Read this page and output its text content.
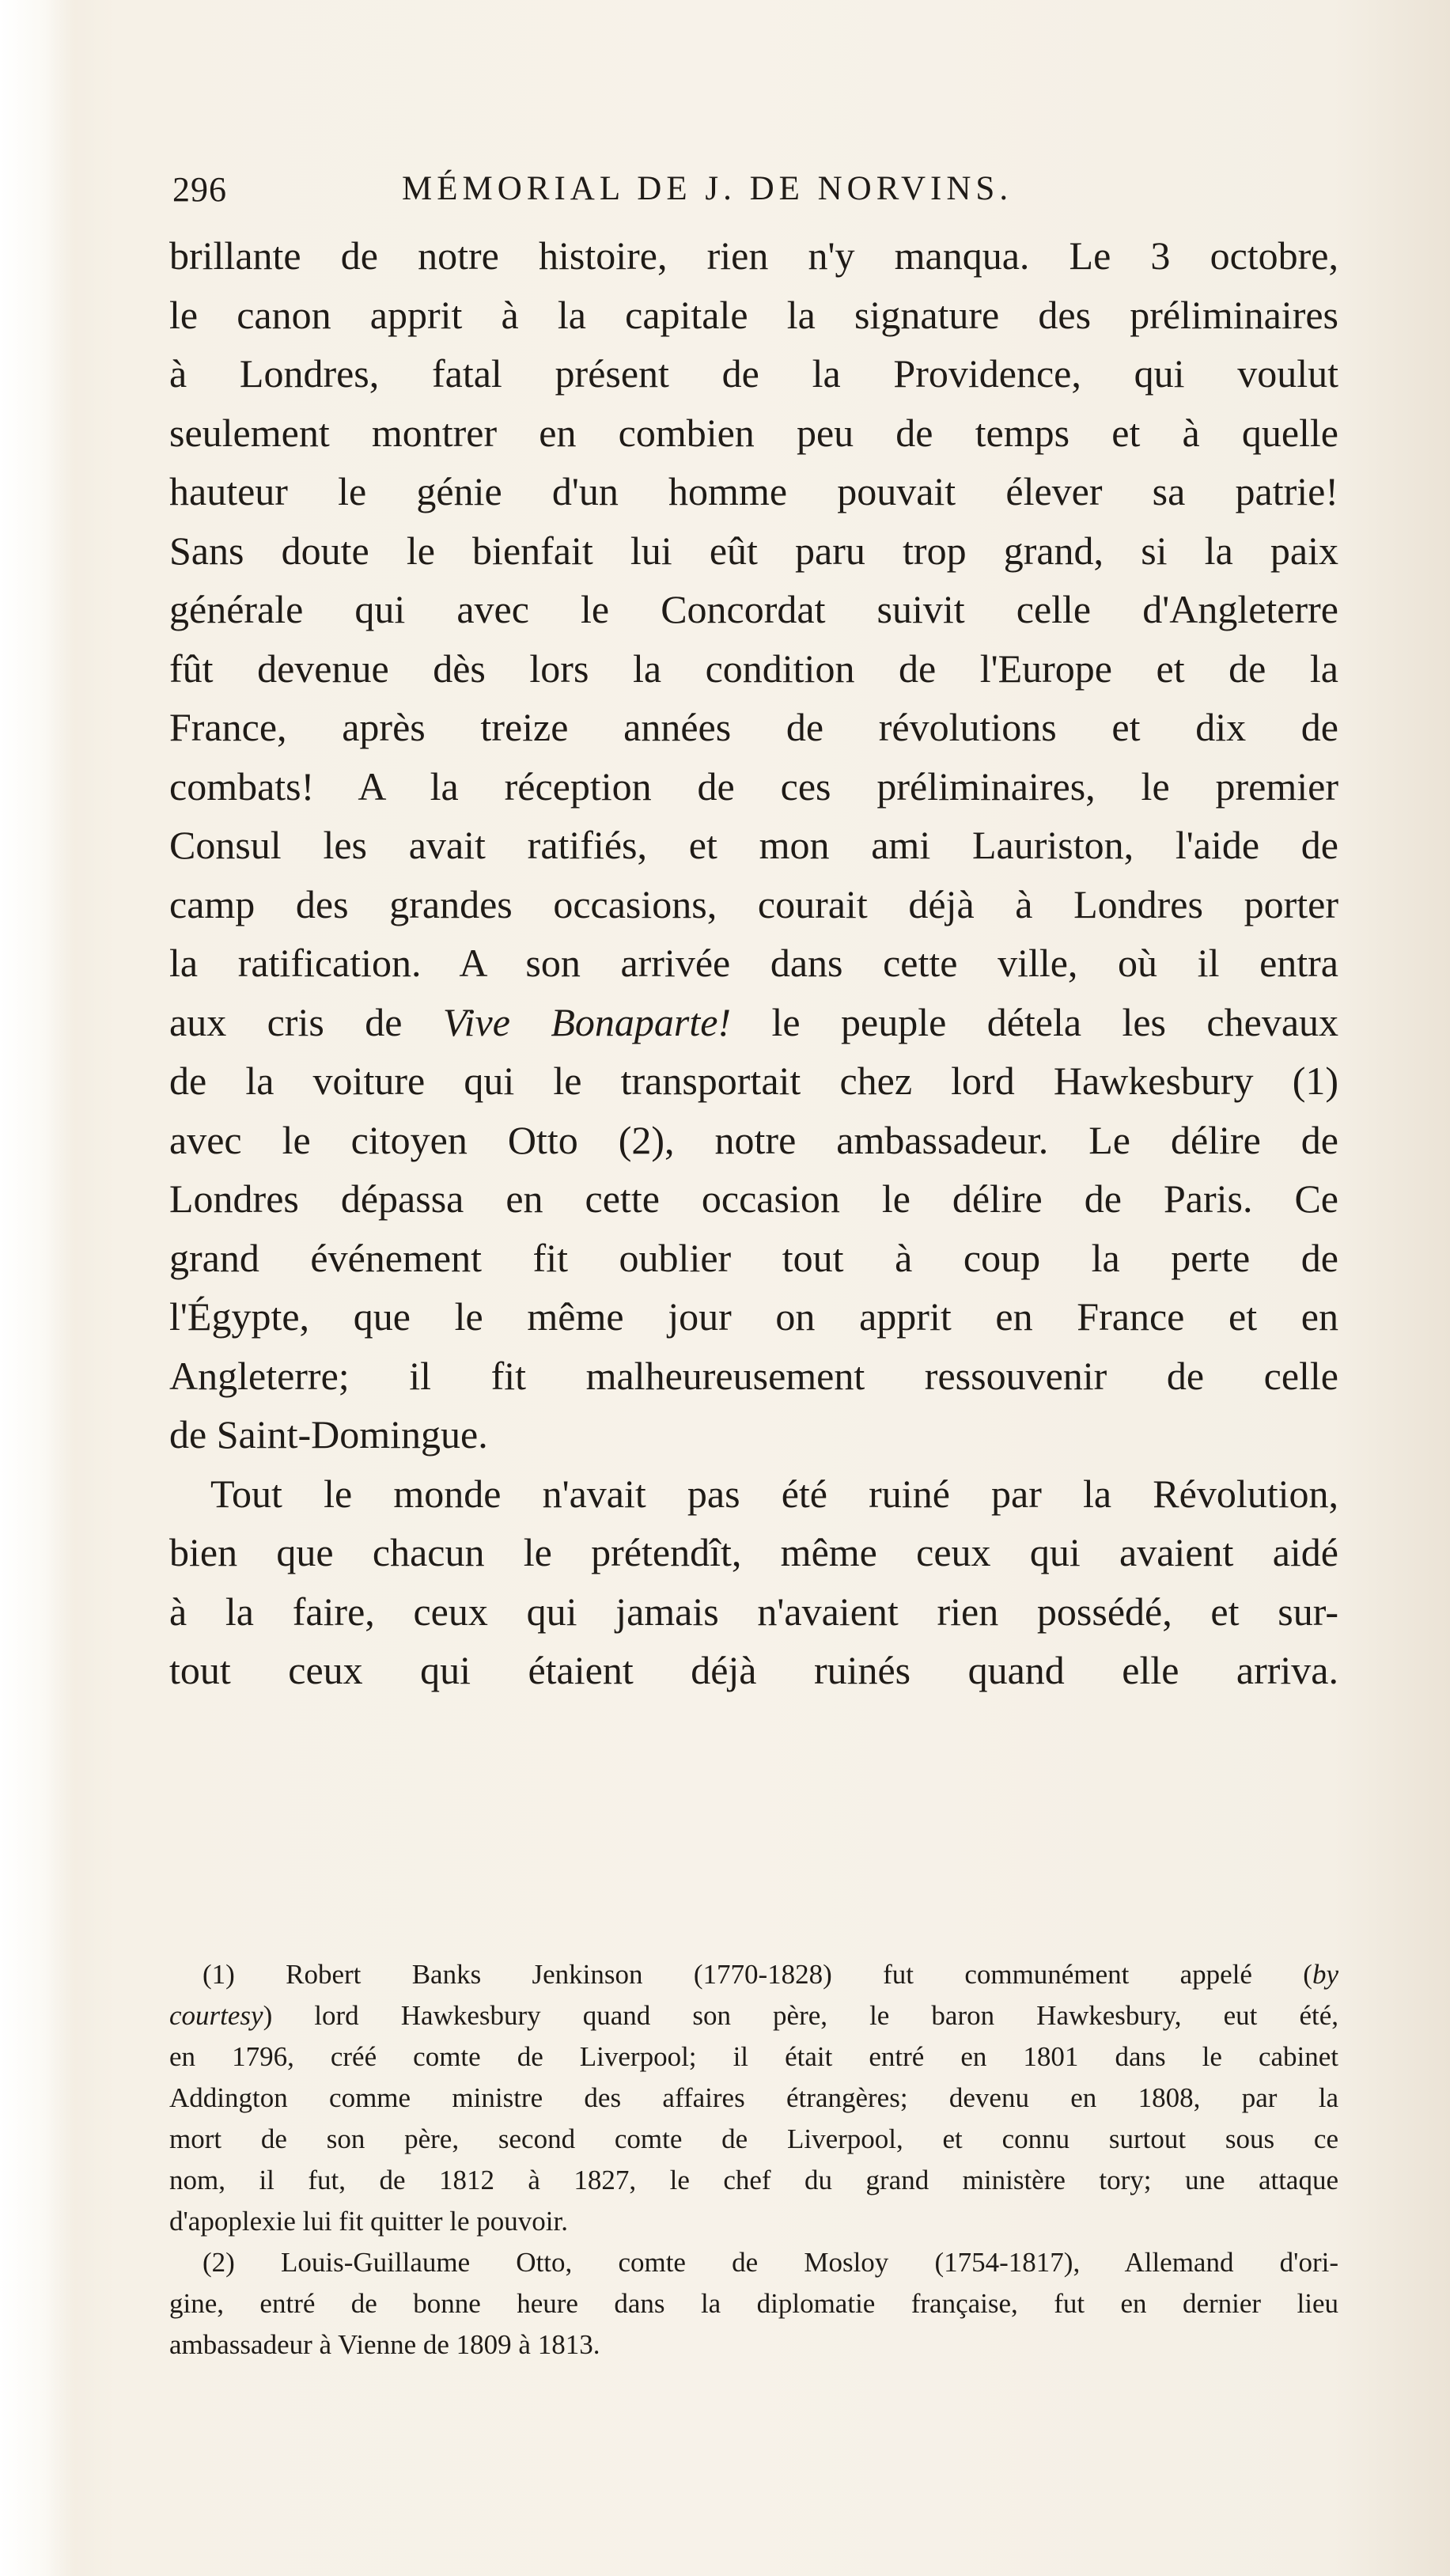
296	MÉMORIAL DE J. DE NORVINS.
brillante de notre histoire, rien n'y manqua. Le 3 octobre,
le canon apprit à la capitale la signature des préliminaires
à Londres, fatal présent de la Providence, qui voulut
seulement montrer en combien peu de temps et à quelle
hauteur le génie d'un homme pouvait élever sa patrie!
Sans doute le bienfait lui eût paru trop grand, si la paix
générale qui avec le Concordat suivit celle d'Angleterre
fût devenue dès lors la condition de l'Europe et de la
France, après treize années de révolutions et dix de
combats! A la réception de ces préliminaires, le premier
Consul les avait ratifiés, et mon ami Lauriston, l'aide de
camp des grandes occasions, courait déjà à Londres porter
la ratification. A son arrivée dans cette ville, où il entra
aux cris de Vive Bonaparte! le peuple détela les chevaux
de la voiture qui le transportait chez lord Hawkesbury (1)
avec le citoyen Otto (2), notre ambassadeur. Le délire de
Londres dépassa en cette occasion le délire de Paris. Ce
grand événement fit oublier tout à coup la perte de
l'Égypte, que le même jour on apprit en France et en
Angleterre; il fit malheureusement ressouvenir de celle
de Saint-Domingue.
Tout le monde n'avait pas été ruiné par la Révolution,
bien que chacun le prétendît, même ceux qui avaient aidé
à la faire, ceux qui jamais n'avaient rien possédé, et sur-
tout ceux qui étaient déjà ruinés quand elle arriva.
(1) Robert Banks Jenkinson (1770-1828) fut communément appelé (by
courtesy) lord Hawkesbury quand son père, le baron Hawkesbury, eut été,
en 1796, créé comte de Liverpool; il était entré en 1801 dans le cabinet
Addington comme ministre des affaires étrangères; devenu en 1808, par la
mort de son père, second comte de Liverpool, et connu surtout sous ce
nom, il fut, de 1812 à 1827, le chef du grand ministère tory; une attaque
d'apoplexie lui fit quitter le pouvoir.
(2) Louis-Guillaume Otto, comte de Mosloy (1754-1817), Allemand d'ori-
gine, entré de bonne heure dans la diplomatie française, fut en dernier lieu
ambassadeur à Vienne de 1809 à 1813.
